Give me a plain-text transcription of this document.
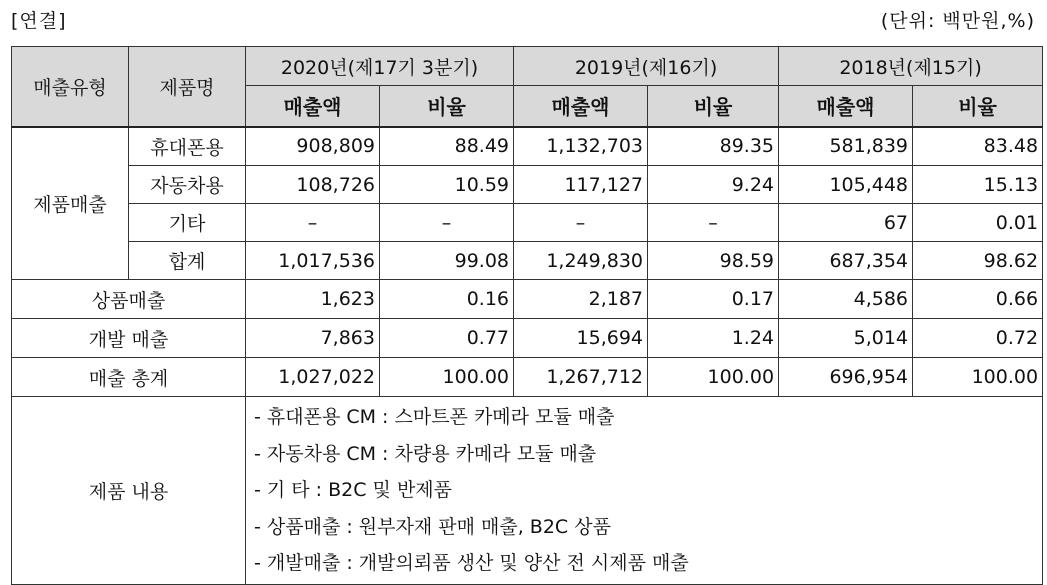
[연결]	(단위: 백만원,%)
매출유형	제품명	2020년(제17기 3분기)		2019년(제16기)		2018년(제15기)	
		매출액	비율	매출액	비율	매출액	비율
제품매출	휴대폰용	908,809	88.49	1,132,703	89.35	581,839	83.48
	자동차용	108,726	10.59	117,127	9.24	105,448	15.13
	기타	–	–	–	–	67	0.01
	합계	1,017,536	99.08	1,249,830	98.59	687,354	98.62
상품매출		1,623	0.16	2,187	0.17	4,586	0.66
개발 매출		7,863	0.77	15,694	1.24	5,014	0.72
매출 총계		1,027,022	100.00	1,267,712	100.00	696,954	100.00
제품 내용		- 휴대폰용 CM : 스마트폰 카메라 모듈 매출
- 자동차용 CM : 차량용 카메라 모듈 매출
- 기 타 : B2C 및 반제품
- 상품매출 : 원부자재 판매 매출, B2C 상품
- 개발매출 : 개발의뢰품 생산 및 양산 전 시제품 매출					
